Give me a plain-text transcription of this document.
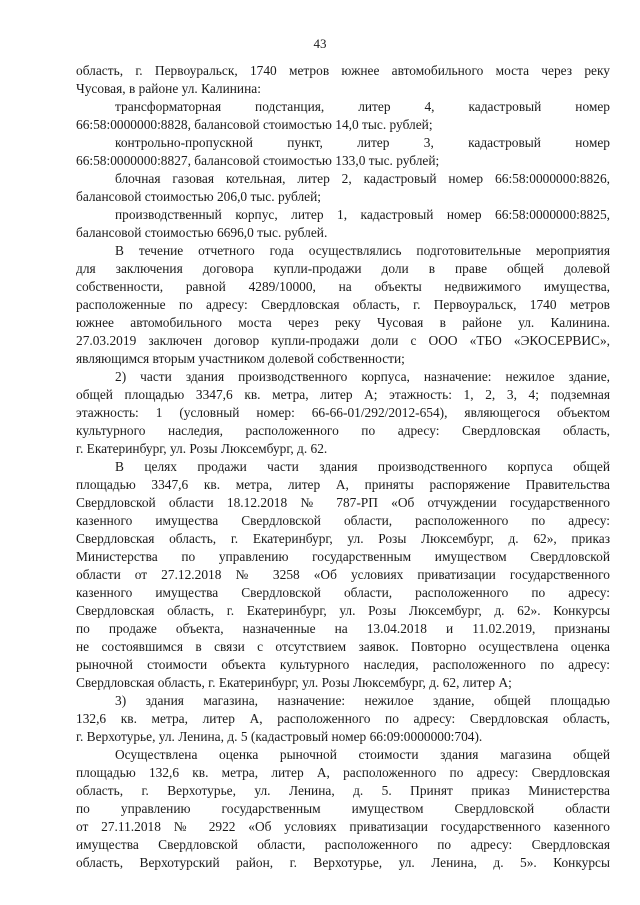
43
область, г. Первоуральск, 1740 метров южнее автомобильного моста через реку
Чусовая, в районе ул. Калинина:
трансформаторная подстанция, литер 4, кадастровый номер
66:58:0000000:8828, балансовой стоимостью 14,0 тыс. рублей;
контрольно-пропускной пункт, литер 3, кадастровый номер
66:58:0000000:8827, балансовой стоимостью 133,0 тыс. рублей;
блочная газовая котельная, литер 2, кадастровый номер 66:58:0000000:8826,
балансовой стоимостью 206,0 тыс. рублей;
производственный корпус, литер 1, кадастровый номер 66:58:0000000:8825,
балансовой стоимостью 6696,0 тыс. рублей.
В течение отчетного года осуществлялись подготовительные мероприятия
для заключения договора купли-продажи доли в праве общей долевой
собственности, равной 4289/10000, на объекты недвижимого имущества,
расположенные по адресу: Свердловская область, г. Первоуральск, 1740 метров
южнее автомобильного моста через реку Чусовая в районе ул. Калинина.
27.03.2019 заключен договор купли-продажи доли с ООО «ТБО «ЭКОСЕРВИС»,
являющимся вторым участником долевой собственности;
2) части здания производственного корпуса, назначение: нежилое здание,
общей площадью 3347,6 кв. метра, литер А; этажность: 1, 2, 3, 4; подземная
этажность: 1 (условный номер: 66-66-01/292/2012-654), являющегося объектом
культурного наследия, расположенного по адресу: Свердловская область,
г. Екатеринбург, ул. Розы Люксембург, д. 62.
В целях продажи части здания производственного корпуса общей
площадью 3347,6 кв. метра, литер А, приняты распоряжение Правительства
Свердловской области 18.12.2018 № 787-РП «Об отчуждении государственного
казенного имущества Свердловской области, расположенного по адресу:
Свердловская область, г. Екатеринбург, ул. Розы Люксембург, д. 62», приказ
Министерства по управлению государственным имуществом Свердловской
области от 27.12.2018 № 3258 «Об условиях приватизации государственного
казенного имущества Свердловской области, расположенного по адресу:
Свердловская область, г. Екатеринбург, ул. Розы Люксембург, д. 62». Конкурсы
по продаже объекта, назначенные на 13.04.2018 и 11.02.2019, признаны
не состоявшимся в связи с отсутствием заявок. Повторно осуществлена оценка
рыночной стоимости объекта культурного наследия, расположенного по адресу:
Свердловская область, г. Екатеринбург, ул. Розы Люксембург, д. 62, литер А;
3) здания магазина, назначение: нежилое здание, общей площадью
132,6 кв. метра, литер А, расположенного по адресу: Свердловская область,
г. Верхотурье, ул. Ленина, д. 5 (кадастровый номер 66:09:0000000:704).
Осуществлена оценка рыночной стоимости здания магазина общей
площадью 132,6 кв. метра, литер А, расположенного по адресу: Свердловская
область, г. Верхотурье, ул. Ленина, д. 5. Принят приказ Министерства
по управлению государственным имуществом Свердловской области
от 27.11.2018 № 2922 «Об условиях приватизации государственного казенного
имущества Свердловской области, расположенного по адресу: Свердловская
область, Верхотурский район, г. Верхотурье, ул. Ленина, д. 5». Конкурсы
